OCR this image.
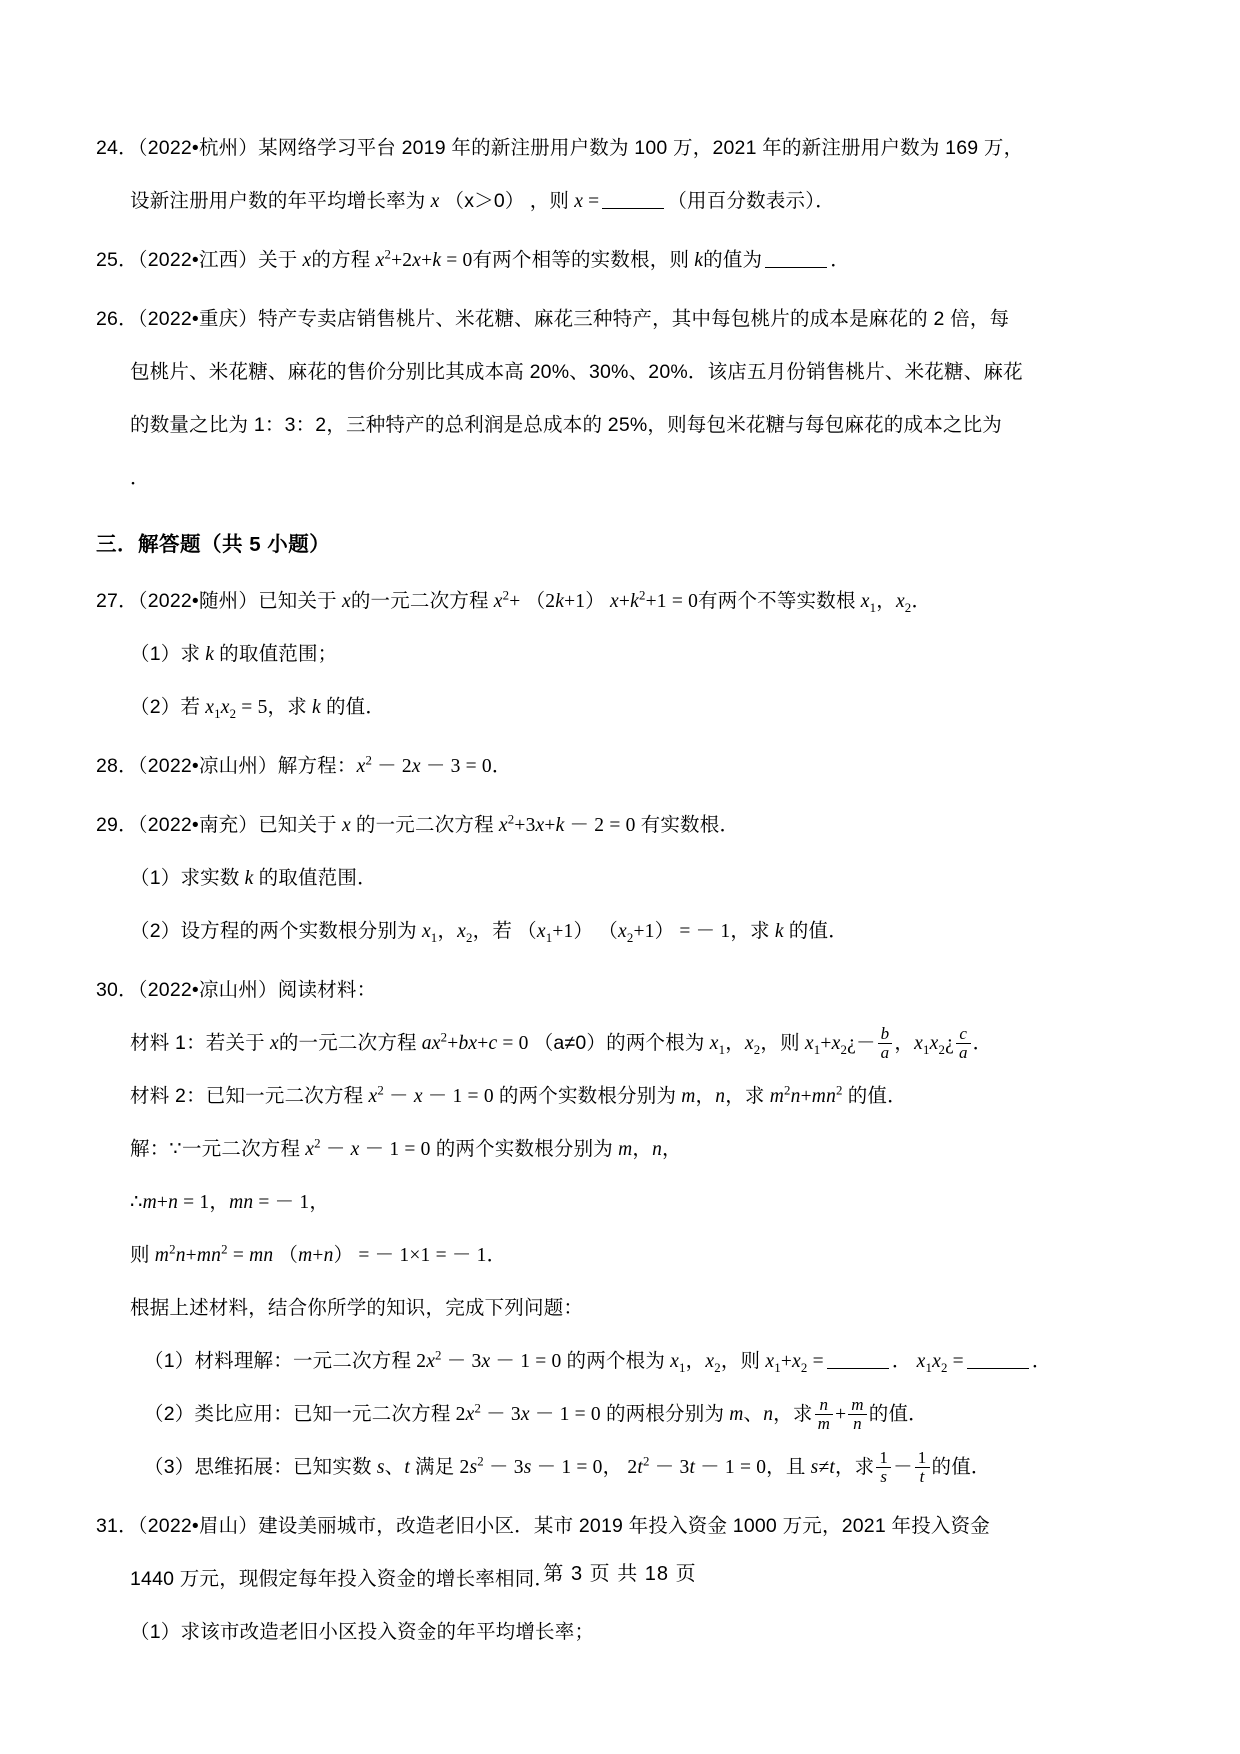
24．（2022•杭州）某网络学习平台 2019 年的新注册用户数为 100 万，2021 年的新注册用户数为 169 万，
设新注册用户数的年平均增长率为 x （x＞0） ，则 x =	（用百分数表示）．
25．（2022•江西）关于 x的方程 $x^2+2x+k = 0$有两个相等的实数根，则 k的值为	．
26．（2022•重庆）特产专卖店销售桃片、米花糖、麻花三种特产，其中每包桃片的成本是麻花的 2 倍，每
包桃片、米花糖、麻花的售价分别比其成本高 20%、30%、20%．该店五月份销售桃片、米花糖、麻花
的数量之比为 1：3：2，三种特产的总利润是总成本的 25%，则每包米花糖与每包麻花的成本之比为
．
三．解答题（共 5 小题）
27．（2022•随州）已知关于 x的一元二次方程 $x^2+ (2k+1) x+k^2+1 = 0$有两个不等实数根 $x_1$，$x_2$．
（1）求 k 的取值范围；
（2）若 $x_1x_2 = 5$，求 k 的值．
28．（2022•凉山州）解方程：$x^2 - 2x - 3 = 0$．
29．（2022•南充）已知关于 x 的一元二次方程 $x^2+3x+k - 2 = 0$ 有实数根．
（1）求实数 k 的取值范围．
（2）设方程的两个实数根分别为 $x_1$，$x_2$，若 $(x_1+1) (x_2+1)$ = － 1，求 k 的值．
30．（2022•凉山州）阅读材料：
材料 1：若关于 x的一元二次方程 $ax^2+bx+c = 0$ （a≠0）的两个根为 $x_1$，$x_2$，则 $x_1+x_2¿- \frac{b}{a}$ ，$x_1x_2¿ \frac{c}{a}$ ．
材料 2：已知一元二次方程 $x^2 - x - 1 = 0$ 的两个实数根分别为 m，n，求 $m^2n+mn^2$ 的值．
解：∵一元二次方程 $x^2 - x - 1 = 0$ 的两个实数根分别为 m，n，
∴m+n = 1，mn = － 1，
则 $m^2n+mn^2$ = mn （m+n） = － 1×1 = － 1．
根据上述材料，结合你所学的知识，完成下列问题：
（1）材料理解：一元二次方程 $2x^2 - 3x - 1 = 0$ 的两个根为 $x_1$，$x_2$，则 $x_1+x_2$ =	． $x_1x_2$ =	．
（2）类比应用：已知一元二次方程 $2x^2 - 3x - 1 = 0$ 的两根分别为 m、n，求 $\frac{n}{m} + \frac{m}{n}$ 的值．
（3）思维拓展：已知实数 s、t 满足 $2s^2 - 3s - 1 = 0$， $2t^2 - 3t - 1 = 0$，且 s≠t，求 $\frac{1}{s} - \frac{1}{t}$ 的值．
31．（2022•眉山）建设美丽城市，改造老旧小区．某市 2019 年投入资金 1000 万元，2021 年投入资金
1440 万元，现假定每年投入资金的增长率相同．
（1）求该市改造老旧小区投入资金的年平均增长率；
第 3 页 共 18 页
